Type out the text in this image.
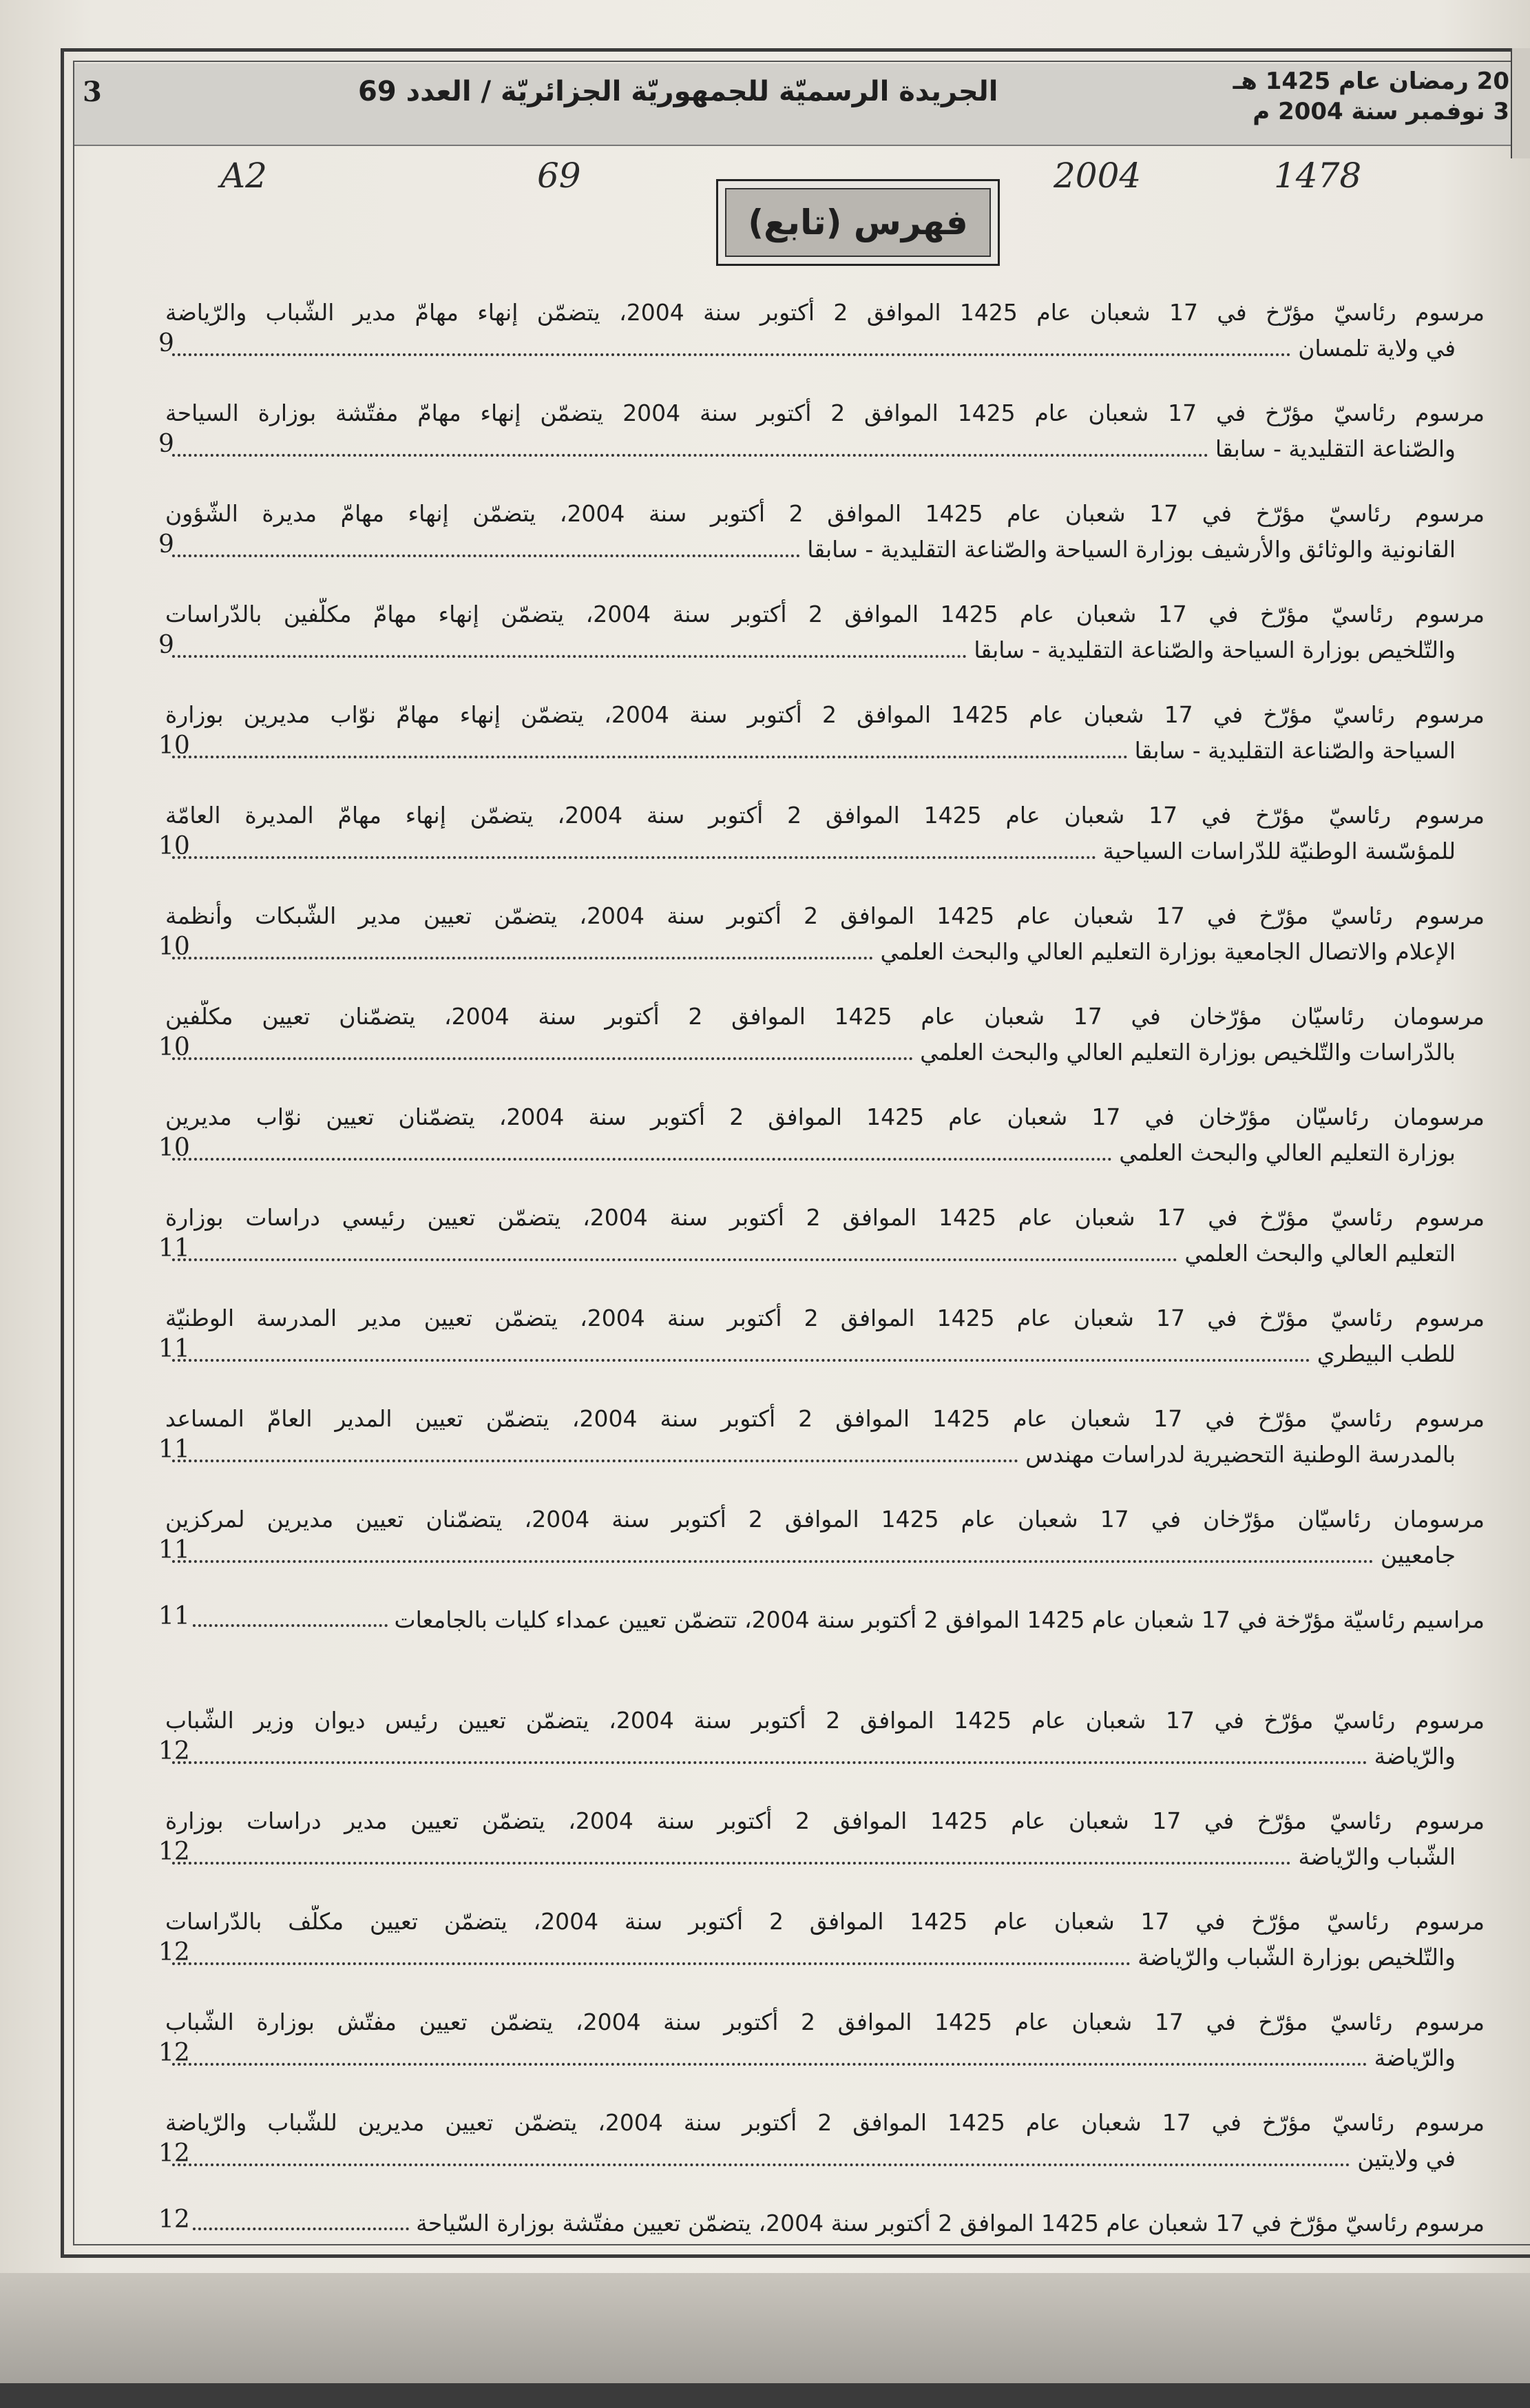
3	الجريدة الرسميّة للجمهوريّة الجزائريّة / العدد 69	20 رمضان عام 1425 هـ
3 نوفمبر سنة 2004 م
A2	69	2004	1478
فهرس (تابع)
مرسوم رئاسيّ مؤرّخ في 17 شعبان عام 1425 الموافق 2 أكتوبر سنة 2004، يتضمّن إنهاء مهامّ مدير الشّباب والرّياضة
في ولاية تلمسان
9
مرسوم رئاسيّ مؤرّخ في 17 شعبان عام 1425 الموافق 2 أكتوبر سنة 2004 يتضمّن إنهاء مهامّ مفتّشة بوزارة السياحة
والصّناعة التقليدية - سابقا
9
مرسوم رئاسيّ مؤرّخ في 17 شعبان عام 1425 الموافق 2 أكتوبر سنة 2004، يتضمّن إنهاء مهامّ مديرة الشّؤون
القانونية والوثائق والأرشيف بوزارة السياحة والصّناعة التقليدية - سابقا
9
مرسوم رئاسيّ مؤرّخ في 17 شعبان عام 1425 الموافق 2 أكتوبر سنة 2004، يتضمّن إنهاء مهامّ مكلّفين بالدّراسات
والتّلخيص بوزارة السياحة والصّناعة التقليدية - سابقا
9
مرسوم رئاسيّ مؤرّخ في 17 شعبان عام 1425 الموافق 2 أكتوبر سنة 2004، يتضمّن إنهاء مهامّ نوّاب مديرين بوزارة
السياحة والصّناعة التقليدية - سابقا
10
مرسوم رئاسيّ مؤرّخ في 17 شعبان عام 1425 الموافق 2 أكتوبر سنة 2004، يتضمّن إنهاء مهامّ المديرة العامّة
للمؤسّسة الوطنيّة للدّراسات السياحية
10
مرسوم رئاسيّ مؤرّخ في 17 شعبان عام 1425 الموافق 2 أكتوبر سنة 2004، يتضمّن تعيين مدير الشّبكات وأنظمة
الإعلام والاتصال الجامعية بوزارة التعليم العالي والبحث العلمي
10
مرسومان رئاسيّان مؤرّخان في 17 شعبان عام 1425 الموافق 2 أكتوبر سنة 2004، يتضمّنان تعيين مكلّفين
بالدّراسات والتّلخيص بوزارة التعليم العالي والبحث العلمي
10
مرسومان رئاسيّان مؤرّخان في 17 شعبان عام 1425 الموافق 2 أكتوبر سنة 2004، يتضمّنان تعيين نوّاب مديرين
بوزارة التعليم العالي والبحث العلمي
10
مرسوم رئاسيّ مؤرّخ في 17 شعبان عام 1425 الموافق 2 أكتوبر سنة 2004، يتضمّن تعيين رئيسي دراسات بوزارة
التعليم العالي والبحث العلمي
11
مرسوم رئاسيّ مؤرّخ في 17 شعبان عام 1425 الموافق 2 أكتوبر سنة 2004، يتضمّن تعيين مدير المدرسة الوطنيّة
للطب البيطري
11
مرسوم رئاسيّ مؤرّخ في 17 شعبان عام 1425 الموافق 2 أكتوبر سنة 2004، يتضمّن تعيين المدير العامّ المساعد
بالمدرسة الوطنية التحضيرية لدراسات مهندس
11
مرسومان رئاسيّان مؤرّخان في 17 شعبان عام 1425 الموافق 2 أكتوبر سنة 2004، يتضمّنان تعيين مديرين لمركزين
جامعيين
11
مراسيم رئاسيّة مؤرّخة في 17 شعبان عام 1425 الموافق 2 أكتوبر سنة 2004، تتضمّن تعيين عمداء كليات بالجامعات
11
مرسوم رئاسيّ مؤرّخ في 17 شعبان عام 1425 الموافق 2 أكتوبر سنة 2004، يتضمّن تعيين رئيس ديوان وزير الشّباب
والرّياضة
12
مرسوم رئاسيّ مؤرّخ في 17 شعبان عام 1425 الموافق 2 أكتوبر سنة 2004، يتضمّن تعيين مدير دراسات بوزارة
الشّباب والرّياضة
12
مرسوم رئاسيّ مؤرّخ في 17 شعبان عام 1425 الموافق 2 أكتوبر سنة 2004، يتضمّن تعيين مكلّف بالدّراسات
والتّلخيص بوزارة الشّباب والرّياضة
12
مرسوم رئاسيّ مؤرّخ في 17 شعبان عام 1425 الموافق 2 أكتوبر سنة 2004، يتضمّن تعيين مفتّش بوزارة الشّباب
والرّياضة
12
مرسوم رئاسيّ مؤرّخ في 17 شعبان عام 1425 الموافق 2 أكتوبر سنة 2004، يتضمّن تعيين مديرين للشّباب والرّياضة
في ولايتين
12
مرسوم رئاسيّ مؤرّخ في 17 شعبان عام 1425 الموافق 2 أكتوبر سنة 2004، يتضمّن تعيين مفتّشة بوزارة السّياحة
12
